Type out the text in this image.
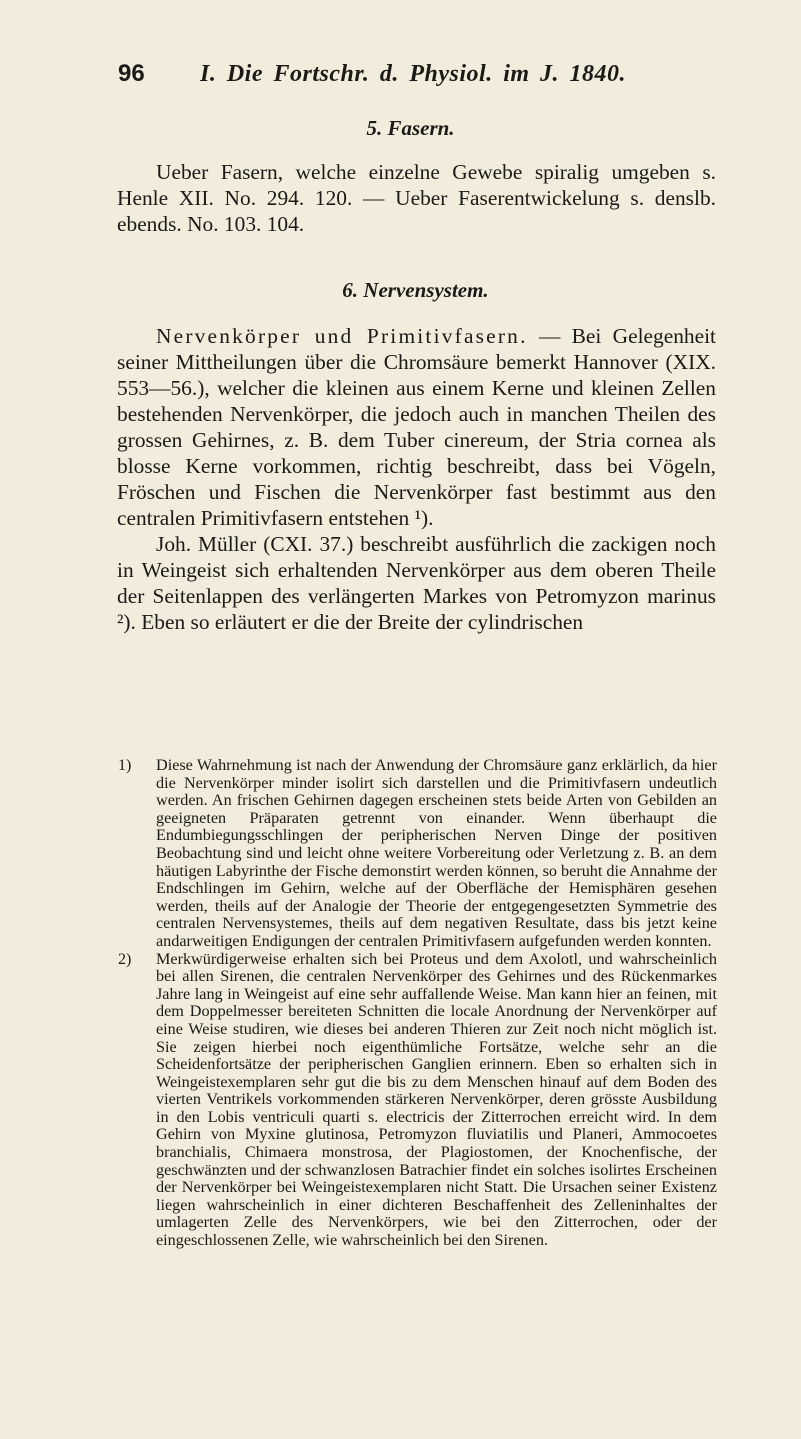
96 I. Die Fortschr. d. Physiol. im J. 1840.
5. Fasern.

Ueber Fasern, welche einzelne Gewebe spiralig umgeben s. Henle XII. No. 294. 120. — Ueber Faserentwickelung s. denslb. ebends. No. 103. 104.

6. Nervensystem.

Nervenkörper und Primitivfasern. — Bei Gelegenheit seiner Mittheilungen über die Chromsäure bemerkt Hannover (XIX. 553—56.), welcher die kleinen aus einem Kerne und kleinen Zellen bestehenden Nervenkörper, die jedoch auch in manchen Theilen des grossen Gehirnes, z. B. dem Tuber cinereum, der Stria cornea als blosse Kerne vorkommen, richtig beschreibt, dass bei Vögeln, Fröschen und Fischen die Nervenkörper fast bestimmt aus den centralen Primitivfasern entstehen ¹).

Joh. Müller (CXI. 37.) beschreibt ausführlich die zackigen noch in Weingeist sich erhaltenden Nervenkörper aus dem oberen Theile der Seitenlappen des verlängerten Markes von Petromyzon marinus ²). Eben so erläutert er die der Breite der cylindrischen

1) Diese Wahrnehmung ist nach der Anwendung der Chromsäure ganz erklärlich, da hier die Nervenkörper minder isolirt sich darstellen und die Primitivfasern undeutlich werden. An frischen Gehirnen dagegen erscheinen stets beide Arten von Gebilden an geeigneten Präparaten getrennt von einander. Wenn überhaupt die Endumbiegungsschlingen der peripherischen Nerven Dinge der positiven Beobachtung sind und leicht ohne weitere Vorbereitung oder Verletzung z. B. an dem häutigen Labyrinthe der Fische demonstirt werden können, so beruht die Annahme der Endschlingen im Gehirn, welche auf der Oberfläche der Hemisphären gesehen werden, theils auf der Analogie der Theorie der entgegengesetzten Symmetrie des centralen Nervensystemes, theils auf dem negativen Resultate, dass bis jetzt keine andarweitigen Endigungen der centralen Primitivfasern aufgefunden werden konnten.
2) Merkwürdigerweise erhalten sich bei Proteus und dem Axolotl, und wahrscheinlich bei allen Sirenen, die centralen Nervenkörper des Gehirnes und des Rückenmarkes Jahre lang in Weingeist auf eine sehr auffallende Weise. Man kann hier an feinen, mit dem Doppelmesser bereiteten Schnitten die locale Anordnung der Nervenkörper auf eine Weise studiren, wie dieses bei anderen Thieren zur Zeit noch nicht möglich ist. Sie zeigen hierbei noch eigenthümliche Fortsätze, welche sehr an die Scheidenfortsätze der peripherischen Ganglien erinnern. Eben so erhalten sich in Weingeistexemplaren sehr gut die bis zu dem Menschen hinauf auf dem Boden des vierten Ventrikels vorkommenden stärkeren Nervenkörper, deren grösste Ausbildung in den Lobis ventriculi quarti s. electricis der Zitterrochen erreicht wird. In dem Gehirn von Myxine glutinosa, Petromyzon fluviatilis und Planeri, Ammocoetes branchialis, Chimaera monstrosa, der Plagiostomen, der Knochenfische, der geschwänzten und der schwanzlosen Batrachier findet ein solches isolirtes Erscheinen der Nervenkörper bei Weingeistexemplaren nicht Statt. Die Ursachen seiner Existenz liegen wahrscheinlich in einer dichteren Beschaffenheit des Zelleninhaltes der umlagerten Zelle des Nervenkörpers, wie bei den Zitterrochen, oder der eingeschlossenen Zelle, wie wahrscheinlich bei den Sirenen.
